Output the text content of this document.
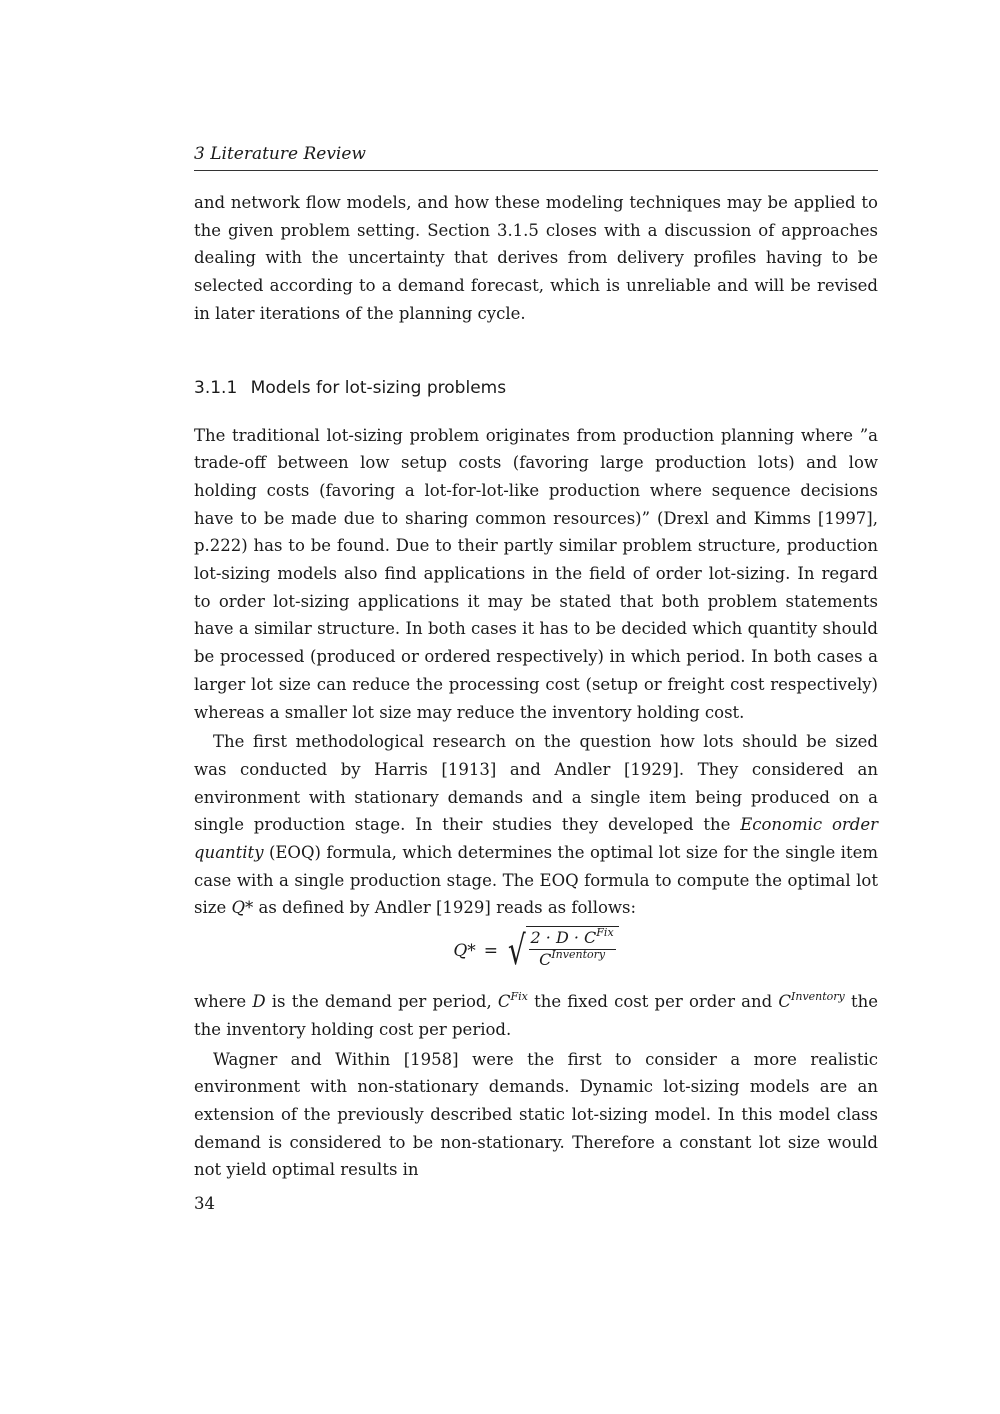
3 Literature Review

and network flow models, and how these modeling techniques may be applied to the given problem setting. Section 3.1.5 closes with a discussion of approaches dealing with the uncertainty that derives from delivery profiles having to be selected according to a demand forecast, which is unreliable and will be revised in later iterations of the planning cycle.

3.1.1 Models for lot-sizing problems

The traditional lot-sizing problem originates from production planning where ”a trade-off between low setup costs (favoring large production lots) and low holding costs (favoring a lot-for-lot-like production where sequence decisions have to be made due to sharing common resources)” (Drexl and Kimms [1997], p.222) has to be found. Due to their partly similar problem structure, production lot-sizing models also find applications in the field of order lot-sizing. In regard to order lot-sizing applications it may be stated that both problem statements have a similar structure. In both cases it has to be decided which quantity should be processed (produced or ordered respectively) in which period. In both cases a larger lot size can reduce the processing cost (setup or freight cost respectively) whereas a smaller lot size may reduce the inventory holding cost.

The first methodological research on the question how lots should be sized was conducted by Harris [1913] and Andler [1929]. They considered an environment with stationary demands and a single item being produced on a single production stage. In their studies they developed the Economic order quantity (EOQ) formula, which determines the optimal lot size for the single item case with a single production stage. The EOQ formula to compute the optimal lot size Q* as defined by Andler [1929] reads as follows:

Q* = √ $\frac{2 \cdot D \cdot C^{Fix}}{C^{Inventory}}$

where D is the demand per period, $C^{Fix}$ the fixed cost per order and $C^{Inventory}$ the the inventory holding cost per period.

Wagner and Within [1958] were the first to consider a more realistic environment with non-stationary demands. Dynamic lot-sizing models are an extension of the previously described static lot-sizing model. In this model class demand is considered to be non-stationary. Therefore a constant lot size would not yield optimal results in

34
